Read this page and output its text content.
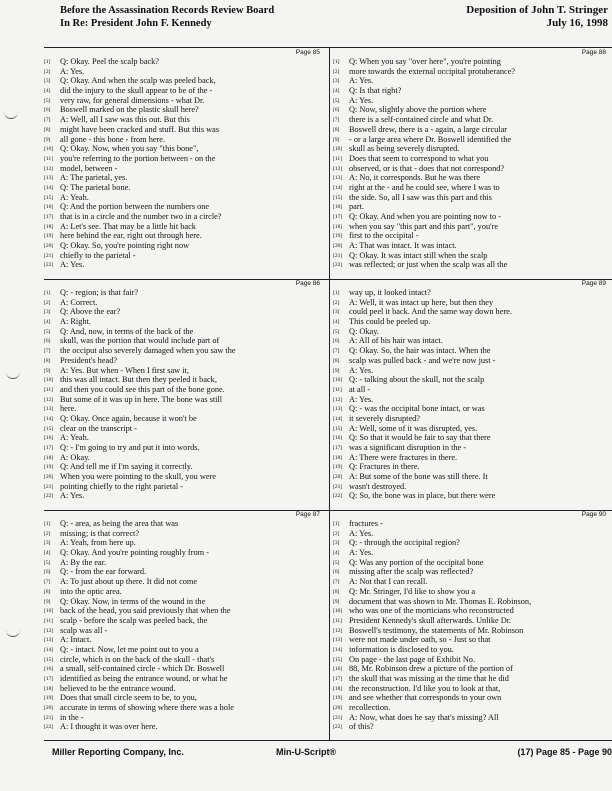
Before the Assassination Records Review Board
In Re: President John F. Kennedy
Deposition of John T. Stringer
July 16, 1998
Page 85
[1] Q: Okay. Peel the scalp back?
[2] A: Yes.
[3] Q: Okay. And when the scalp was peeled back,
[4] did the injury to the skull appear to be of the -
[5] very raw, for general dimensions - what Dr.
[6] Boswell marked on the plastic skull here?
[7] A: Well, all I saw was this out. But this
[8] might have been cracked and stuff. But this was
[9] all gone - this bone - from here.
[10] Q: Okay. Now, when you say "this bone",
[11] you're referring to the portion between - on the
[12] model, between -
[13] A: The parietal, yes.
[14] Q: The parietal bone.
[15] A: Yeah.
[16] Q: And the portion between the numbers one
[17] that is in a circle and the number two in a circle?
[18] A: Let's see. That may be a little bit back
[19] here behind the ear, right out through here.
[20] Q: Okay. So, you're pointing right now
[21] chiefly to the parietal -
[22] A: Yes.
Page 86
[1] Q: - region; is that fair?
[2] A: Correct.
[3] Q: Above the ear?
[4] A: Right.
[5] Q: And, now, in terms of the back of the
[6] skull, was the portion that would include part of
[7] the occiput also severely damaged when you saw the
[8] President's head?
[9] A: Yes. But when - When I first saw it,
[10] this was all intact. But then they peeled it back,
[11] and then you could see this part of the bone gone.
[12] But some of it was up in here. The bone was still
[13] here.
[14] Q: Okay. Once again, because it won't be
[15] clear on the transcript -
[16] A: Yeah.
[17] Q: - I'm going to try and put it into words.
[18] A: Okay.
[19] Q: And tell me if I'm saying it correctly.
[20] When you were pointing to the skull, you were
[21] pointing chiefly to the right parietal -
[22] A: Yes.
Page 87
[1] Q: - area, as being the area that was
[2] missing; is that correct?
[3] A: Yeah, from here up.
[4] Q: Okay. And you're pointing roughly from -
[5] A: By the ear.
[6] Q: - from the ear forward.
[7] A: To just about up there. It did not come
[8] into the optic area.
[9] Q: Okay. Now, in terms of the wound in the
[10] back of the head, you said previously that when the
[11] scalp - before the scalp was peeled back, the
[12] scalp was all -
[13] A: Intact.
[14] Q: - intact. Now, let me point out to you a
[15] circle, which is on the back of the skull - that's
[16] a small, self-contained circle - which Dr. Boswell
[17] identified as being the entrance wound, or what he
[18] believed to be the entrance wound.
[19] Does that small circle seem to be, to you,
[20] accurate in terms of showing where there was a hole
[21] in the -
[22] A: I thought it was over here.
Page 88
[1] Q: When you say "over here", you're pointing
[2] more towards the external occipital protuberance?
[3] A: Yes.
[4] Q: Is that right?
[5] A: Yes.
[6] Q: Now, slightly above the portion where
[7] there is a self-contained circle and what Dr.
[8] Boswell drew, there is a - again, a large circular
[9] - or a large area where Dr. Boswell identified the
[10] skull as being severely disrupted.
[11] Does that seem to correspond to what you
[12] observed, or is that - does that not correspond?
[13] A: No, it corresponds. But he was there
[14] right at the - and he could see, where I was to
[15] the side. So, all I saw was this part and this
[16] part.
[17] Q: Okay. And when you are pointing now to -
[18] when you say "this part and this part", you're
[19] first to the occipital -
[20] A: That was intact. It was intact.
[21] Q: Okay. It was intact still when the scalp
[22] was reflected; or just when the scalp was all the
Page 89
[1] way up, it looked intact?
[2] A: Well, it was intact up here, but then they
[3] could peel it back. And the same way down here.
[4] This could be peeled up.
[5] Q: Okay.
[6] A: All of his hair was intact.
[7] Q: Okay. So, the hair was intact. When the
[8] scalp was pulled back - and we're now just -
[9] A: Yes.
[10] Q: - talking about the skull, not the scalp
[11] at all -
[12] A: Yes.
[13] Q: - was the occipital bone intact, or was
[14] it severely disrupted?
[15] A: Well, some of it was disrupted, yes.
[16] Q: So that it would be fair to say that there
[17] was a significant disruption in the -
[18] A: There were fractures in there.
[19] Q: Fractures in there.
[20] A: But some of the bone was still there. It
[21] wasn't destroyed.
[22] Q: So, the bone was in place, but there were
Page 90
[1] fractures -
[2] A: Yes.
[3] Q: - through the occipital region?
[4] A: Yes.
[5] Q: Was any portion of the occipital bone
[6] missing after the scalp was reflected?
[7] A: Not that I can recall.
[8] Q: Mr. Stringer, I'd like to show you a
[9] document that was shown to Mr. Thomas E. Robinson,
[10] who was one of the morticians who reconstructed
[11] President Kennedy's skull afterwards. Unlike Dr.
[12] Boswell's testimony, the statements of Mr. Robinson
[13] were not made under oath, so - Just so that
[14] information is disclosed to you.
[15] On page - the last page of Exhibit No.
[16] 88, Mr. Robinson drew a picture of the portion of
[17] the skull that was missing at the time that he did
[18] the reconstruction. I'd like you to look at that,
[19] and see whether that corresponds to your own
[20] recollection.
[21] A: Now, what does he say that's missing? All
[22] of this?
Miller Reporting Company, Inc.	Min-U-Script®	(17) Page 85 - Page 90
